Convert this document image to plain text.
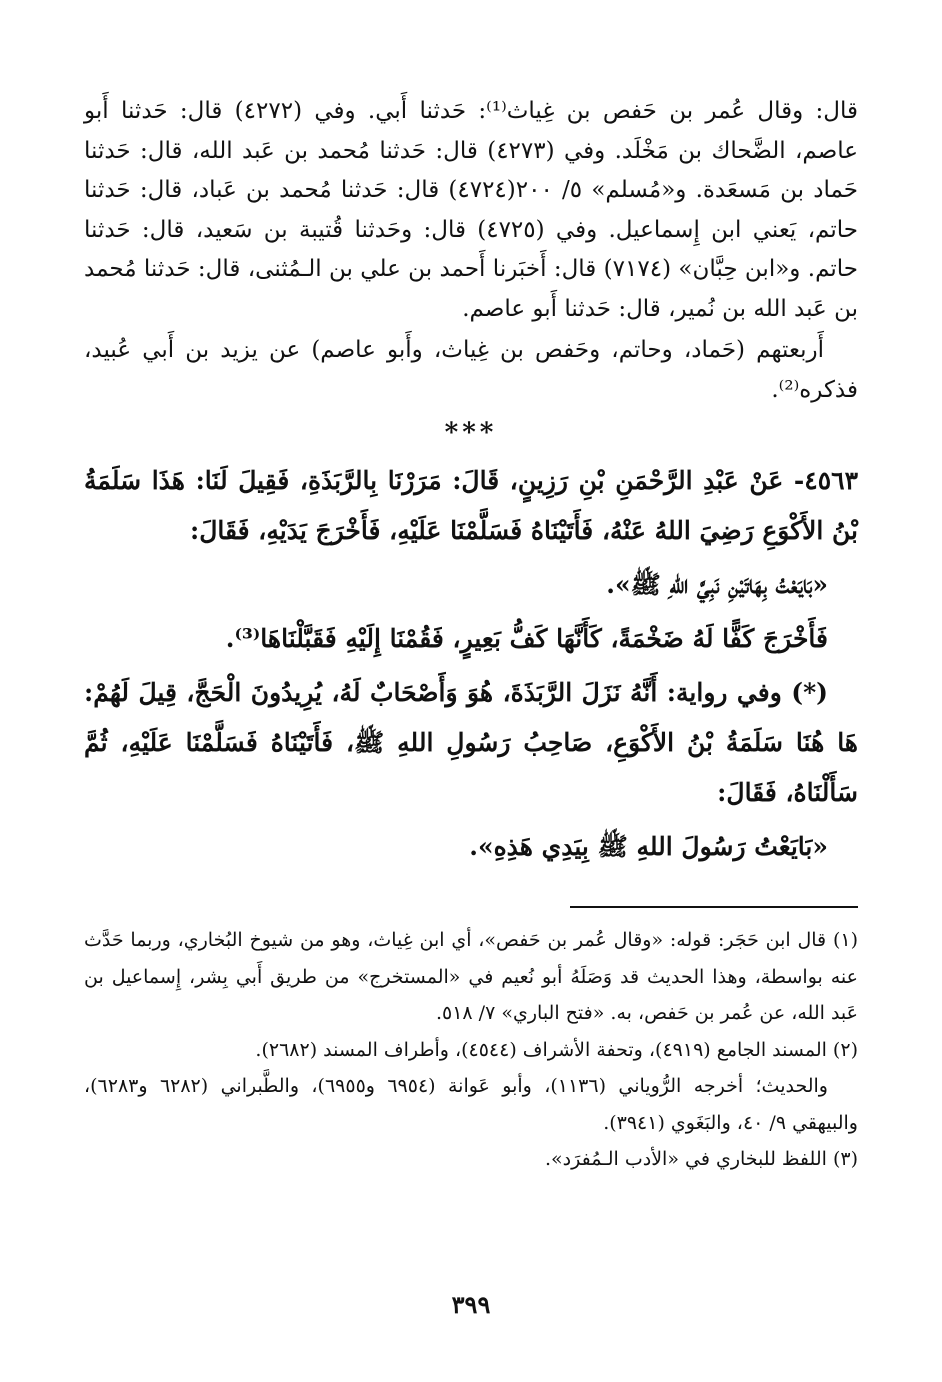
قال: وقال عُمر بن حَفص بن غِياث⁽¹⁾: حَدثنا أَبي. وفي (٤٢٧٢) قال: حَدثنا أَبو عاصم، الضَّحاك بن مَخْلَد. وفي (٤٢٧٣) قال: حَدثنا مُحمد بن عَبد الله، قال: حَدثنا حَماد بن مَسعَدة. و«مُسلم» ٥/ ٢٠٠(٤٧٢٤) قال: حَدثنا مُحمد بن عَباد، قال: حَدثنا حاتم، يَعني ابن إِسماعيل. وفي (٤٧٢٥) قال: وحَدثنا قُتيبة بن سَعيد، قال: حَدثنا حاتم. و«ابن حِبَّان» (٧١٧٤) قال: أَخبَرنا أَحمد بن علي بن الـمُثنى، قال: حَدثنا مُحمد بن عَبد الله بن نُمير، قال: حَدثنا أَبو عاصم.

أَربعتهم (حَماد، وحاتم، وحَفص بن غِياث، وأَبو عاصم) عن يزيد بن أَبي عُبيد، فذكره⁽²⁾.

***

٤٥٦٣- عَنْ عَبْدِ الرَّحْمَنِ بْنِ رَزِينٍ، قَالَ: مَرَرْنَا بِالرَّبَذَةِ، فَقِيلَ لَنَا: هَذَا سَلَمَةُ بْنُ الأَكْوَعِ رَضِيَ اللهُ عَنْهُ، فَأَتَيْنَاهُ فَسَلَّمْنَا عَلَيْهِ، فَأَخْرَجَ يَدَيْهِ، فَقَالَ:

«بَايَعْتُ بِهَاتَيْنِ نَبِيَّ اللهِ ﷺ».

فَأَخْرَجَ كَفًّا لَهُ ضَخْمَةً، كَأَنَّهَا كَفُّ بَعِيرٍ، فَقُمْنَا إِلَيْهِ فَقَبَّلْنَاهَا⁽³⁾.

(*) وفي رواية: أَنَّهُ نَزَلَ الرَّبَذَةَ، هُوَ وَأَصْحَابٌ لَهُ، يُرِيدُونَ الْحَجَّ، قِيلَ لَهُمْ: هَا هُنَا سَلَمَةُ بْنُ الأَكْوَعِ، صَاحِبُ رَسُولِ اللهِ ﷺ، فَأَتَيْنَاهُ فَسَلَّمْنَا عَلَيْهِ، ثُمَّ سَأَلْنَاهُ، فَقَالَ:

«بَايَعْتُ رَسُولَ اللهِ ﷺ بِيَدِي هَذِهِ».

(١) قال ابن حَجَر: قوله: «وقال عُمر بن حَفص»، أي ابن غِياث، وهو من شيوخ البُخاري، وربما حَدَّث عنه بواسطة، وهذا الحديث قد وَصَلَهُ أبو نُعيم في «المستخرج» من طريق أَبي بِشر، إِسماعيل بن عَبد الله، عن عُمر بن حَفص، به. «فتح الباري» ٧/ ٥١٨.

(٢) المسند الجامع (٤٩١٩)، وتحفة الأشراف (٤٥٤٤)، وأطراف المسند (٢٦٨٢).

والحديث؛ أخرجه الرُّوياني (١١٣٦)، وأبو عَوانة (٦٩٥٤ و٦٩٥٥)، والطَّبراني (٦٢٨٢ و٦٢٨٣)، والبيهقي ٩/ ٤٠، والبَغَوي (٣٩٤١).

(٣) اللفظ للبخاري في «الأدب الـمُفرَد».

٣٩٩
